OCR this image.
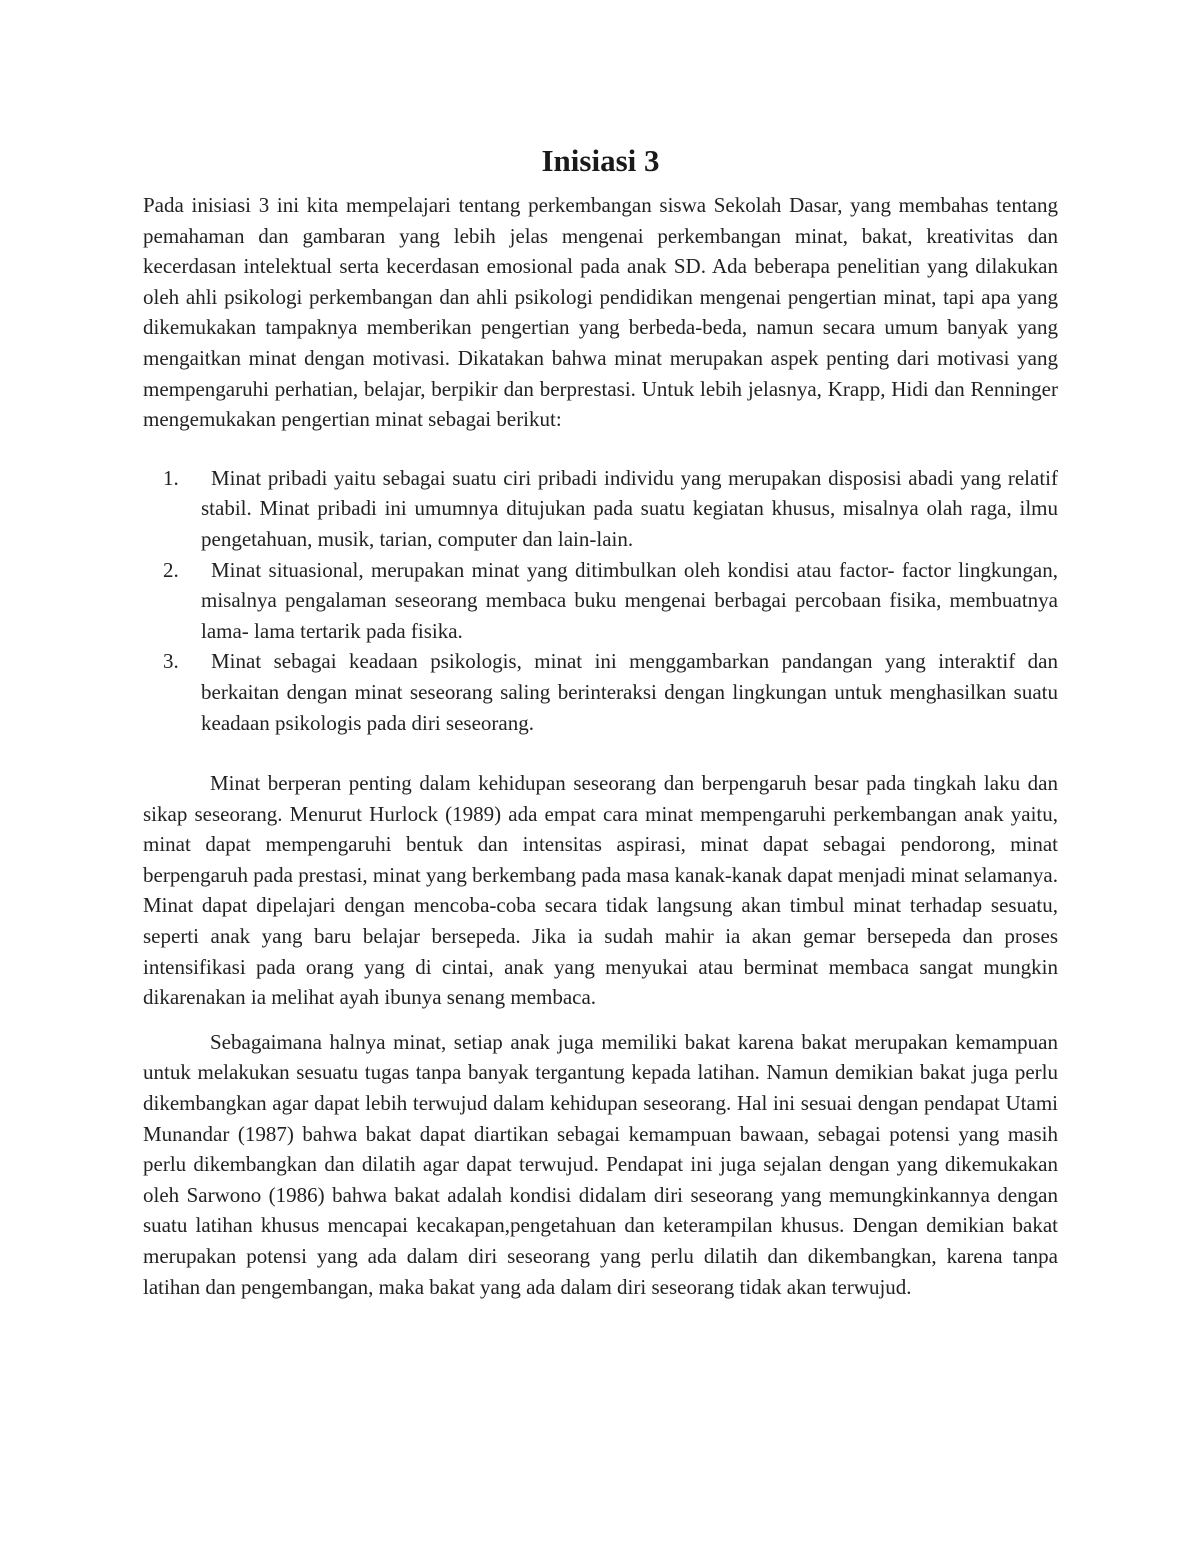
Inisiasi 3

Pada inisiasi 3 ini kita mempelajari tentang perkembangan siswa Sekolah Dasar, yang membahas tentang pemahaman dan gambaran yang lebih jelas mengenai perkembangan minat, bakat, kreativitas dan kecerdasan intelektual serta kecerdasan emosional pada anak SD. Ada beberapa penelitian yang dilakukan oleh ahli psikologi perkembangan dan ahli psikologi pendidikan mengenai pengertian minat, tapi apa yang dikemukakan tampaknya memberikan pengertian yang berbeda-beda, namun secara umum banyak yang mengaitkan minat dengan motivasi. Dikatakan bahwa minat merupakan aspek penting dari motivasi yang mempengaruhi perhatian, belajar, berpikir dan berprestasi. Untuk lebih jelasnya, Krapp, Hidi dan Renninger mengemukakan pengertian minat sebagai berikut:

1.	Minat pribadi yaitu sebagai suatu ciri pribadi individu yang merupakan disposisi abadi yang relatif stabil. Minat pribadi ini umumnya ditujukan pada suatu kegiatan khusus, misalnya olah raga, ilmu pengetahuan, musik, tarian, computer dan lain-lain.
2.	Minat situasional, merupakan minat yang ditimbulkan oleh kondisi atau factor- factor lingkungan, misalnya pengalaman seseorang membaca buku mengenai berbagai percobaan fisika, membuatnya lama- lama tertarik pada fisika.
3.	Minat sebagai keadaan psikologis, minat ini menggambarkan pandangan yang interaktif dan berkaitan dengan minat seseorang saling berinteraksi dengan lingkungan untuk menghasilkan suatu keadaan psikologis pada diri seseorang.

Minat berperan penting dalam kehidupan seseorang dan berpengaruh besar pada tingkah laku dan sikap seseorang. Menurut Hurlock (1989) ada empat cara minat mempengaruhi perkembangan anak yaitu, minat dapat mempengaruhi bentuk dan intensitas aspirasi, minat dapat sebagai pendorong, minat berpengaruh pada prestasi, minat yang berkembang pada masa kanak-kanak dapat menjadi minat selamanya. Minat dapat dipelajari dengan mencoba-coba secara tidak langsung akan timbul minat terhadap sesuatu, seperti anak yang baru belajar bersepeda. Jika ia sudah mahir ia akan gemar bersepeda dan proses intensifikasi pada orang yang di cintai, anak yang menyukai atau berminat membaca sangat mungkin dikarenakan ia melihat ayah ibunya senang membaca.

Sebagaimana halnya minat, setiap anak juga memiliki bakat karena bakat merupakan kemampuan untuk melakukan sesuatu tugas tanpa banyak tergantung kepada latihan. Namun demikian bakat juga perlu dikembangkan agar dapat lebih terwujud dalam kehidupan seseorang. Hal ini sesuai dengan pendapat Utami Munandar (1987) bahwa bakat dapat diartikan sebagai kemampuan bawaan, sebagai potensi yang masih perlu dikembangkan dan dilatih agar dapat terwujud. Pendapat ini juga sejalan dengan yang dikemukakan oleh Sarwono (1986) bahwa bakat adalah kondisi didalam diri seseorang yang memungkinkannya dengan suatu latihan khusus mencapai kecakapan,pengetahuan dan keterampilan khusus. Dengan demikian bakat merupakan potensi yang ada dalam diri seseorang yang perlu dilatih dan dikembangkan, karena tanpa latihan dan pengembangan, maka bakat yang ada dalam diri seseorang tidak akan terwujud.
